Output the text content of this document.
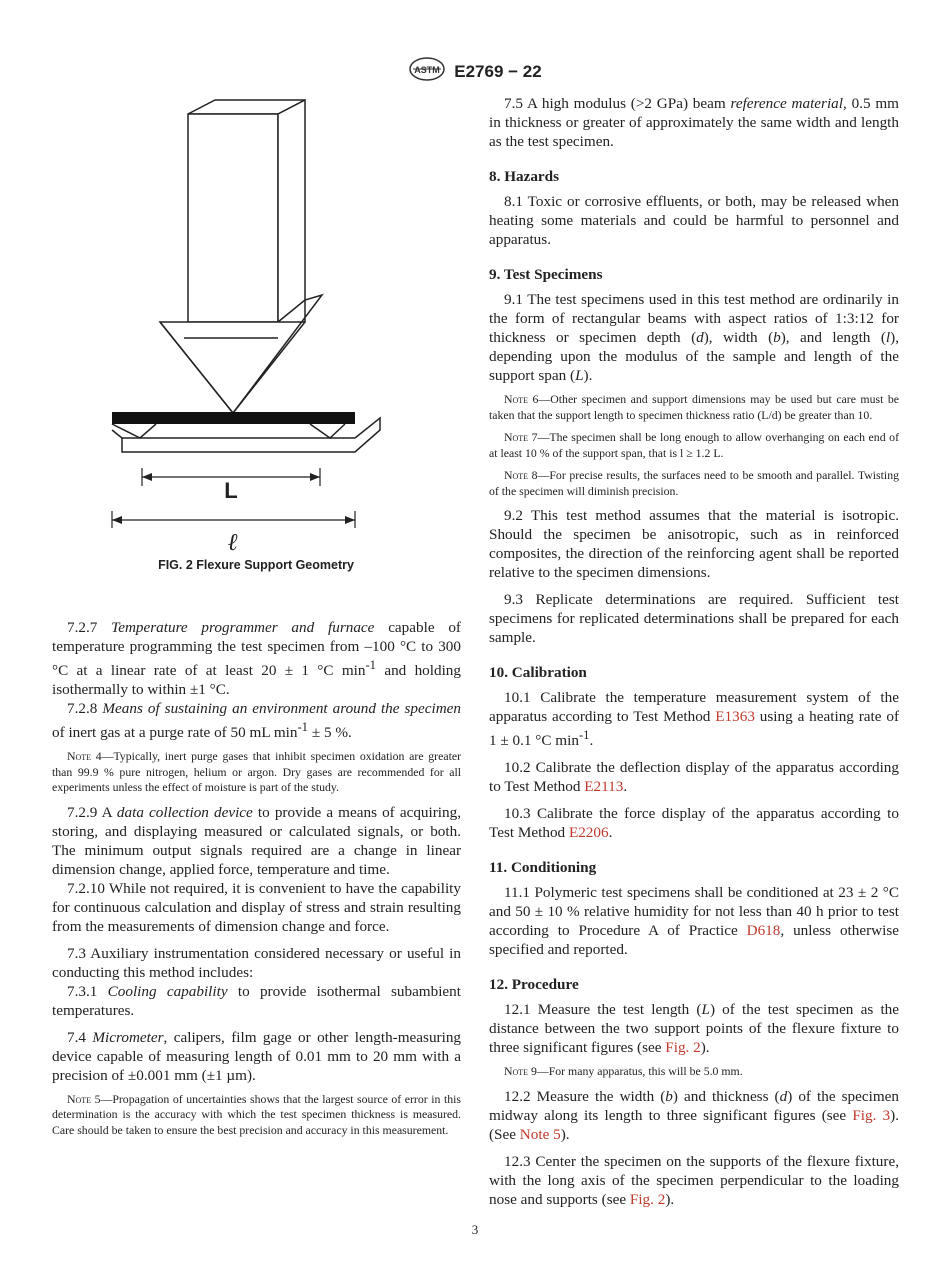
ASTM E2769 − 22
L
ℓ
FIG. 2 Flexure Support Geometry

7.2.7 Temperature programmer and furnace capable of temperature programming the test specimen from –100 °C to 300 °C at a linear rate of at least 20 ± 1 °C $\min^{-1}$ and holding isothermally to within ±1 °C.

7.2.8 Means of sustaining an environment around the specimen of inert gas at a purge rate of 50 mL $\min^{-1} \pm 5$ %.

Note 4—Typically, inert purge gases that inhibit specimen oxidation are greater than 99.9 % pure nitrogen, helium or argon. Dry gases are recommended for all experiments unless the effect of moisture is part of the study.

7.2.9 A data collection device to provide a means of acquiring, storing, and displaying measured or calculated signals, or both. The minimum output signals required are a change in linear dimension change, applied force, temperature and time.

7.2.10 While not required, it is convenient to have the capability for continuous calculation and display of stress and strain resulting from the measurements of dimension change and force.

7.3 Auxiliary instrumentation considered necessary or useful in conducting this method includes:

7.3.1 Cooling capability to provide isothermal subambient temperatures.

7.4 Micrometer, calipers, film gage or other length-measuring device capable of measuring length of 0.01 mm to 20 mm with a precision of ±0.001 mm (±1 µm).

Note 5—Propagation of uncertainties shows that the largest source of error in this determination is the accuracy with which the test specimen thickness is measured. Care should be taken to ensure the best precision and accuracy in this measurement.

7.5 A high modulus (>2 GPa) beam reference material, 0.5 mm in thickness or greater of approximately the same width and length as the test specimen.

8. Hazards

8.1 Toxic or corrosive effluents, or both, may be released when heating some materials and could be harmful to personnel and apparatus.

9. Test Specimens

9.1 The test specimens used in this test method are ordinarily in the form of rectangular beams with aspect ratios of 1:3:12 for thickness or specimen depth (d), width (b), and length (l), depending upon the modulus of the sample and length of the support span (L).

Note 6—Other specimen and support dimensions may be used but care must be taken that the support length to specimen thickness ratio (L/d) be greater than 10.
Note 7—The specimen shall be long enough to allow overhanging on each end of at least 10 % of the support span, that is l ≥ 1.2 L.
Note 8—For precise results, the surfaces need to be smooth and parallel. Twisting of the specimen will diminish precision.

9.2 This test method assumes that the material is isotropic. Should the specimen be anisotropic, such as in reinforced composites, the direction of the reinforcing agent shall be reported relative to the specimen dimensions.

9.3 Replicate determinations are required. Sufficient test specimens for replicated determinations shall be prepared for each sample.

10. Calibration

10.1 Calibrate the temperature measurement system of the apparatus according to Test Method E1363 using a heating rate of 1 ± 0.1 °C $\min^{-1}$.

10.2 Calibrate the deflection display of the apparatus according to Test Method E2113.

10.3 Calibrate the force display of the apparatus according to Test Method E2206.

11. Conditioning

11.1 Polymeric test specimens shall be conditioned at 23 ± 2 °C and 50 ± 10 % relative humidity for not less than 40 h prior to test according to Procedure A of Practice D618, unless otherwise specified and reported.

12. Procedure

12.1 Measure the test length (L) of the test specimen as the distance between the two support points of the flexure fixture to three significant figures (see Fig. 2).

Note 9—For many apparatus, this will be 5.0 mm.

12.2 Measure the width (b) and thickness (d) of the specimen midway along its length to three significant figures (see Fig. 3). (See Note 5).

12.3 Center the specimen on the supports of the flexure fixture, with the long axis of the specimen perpendicular to the loading nose and supports (see Fig. 2).

3
